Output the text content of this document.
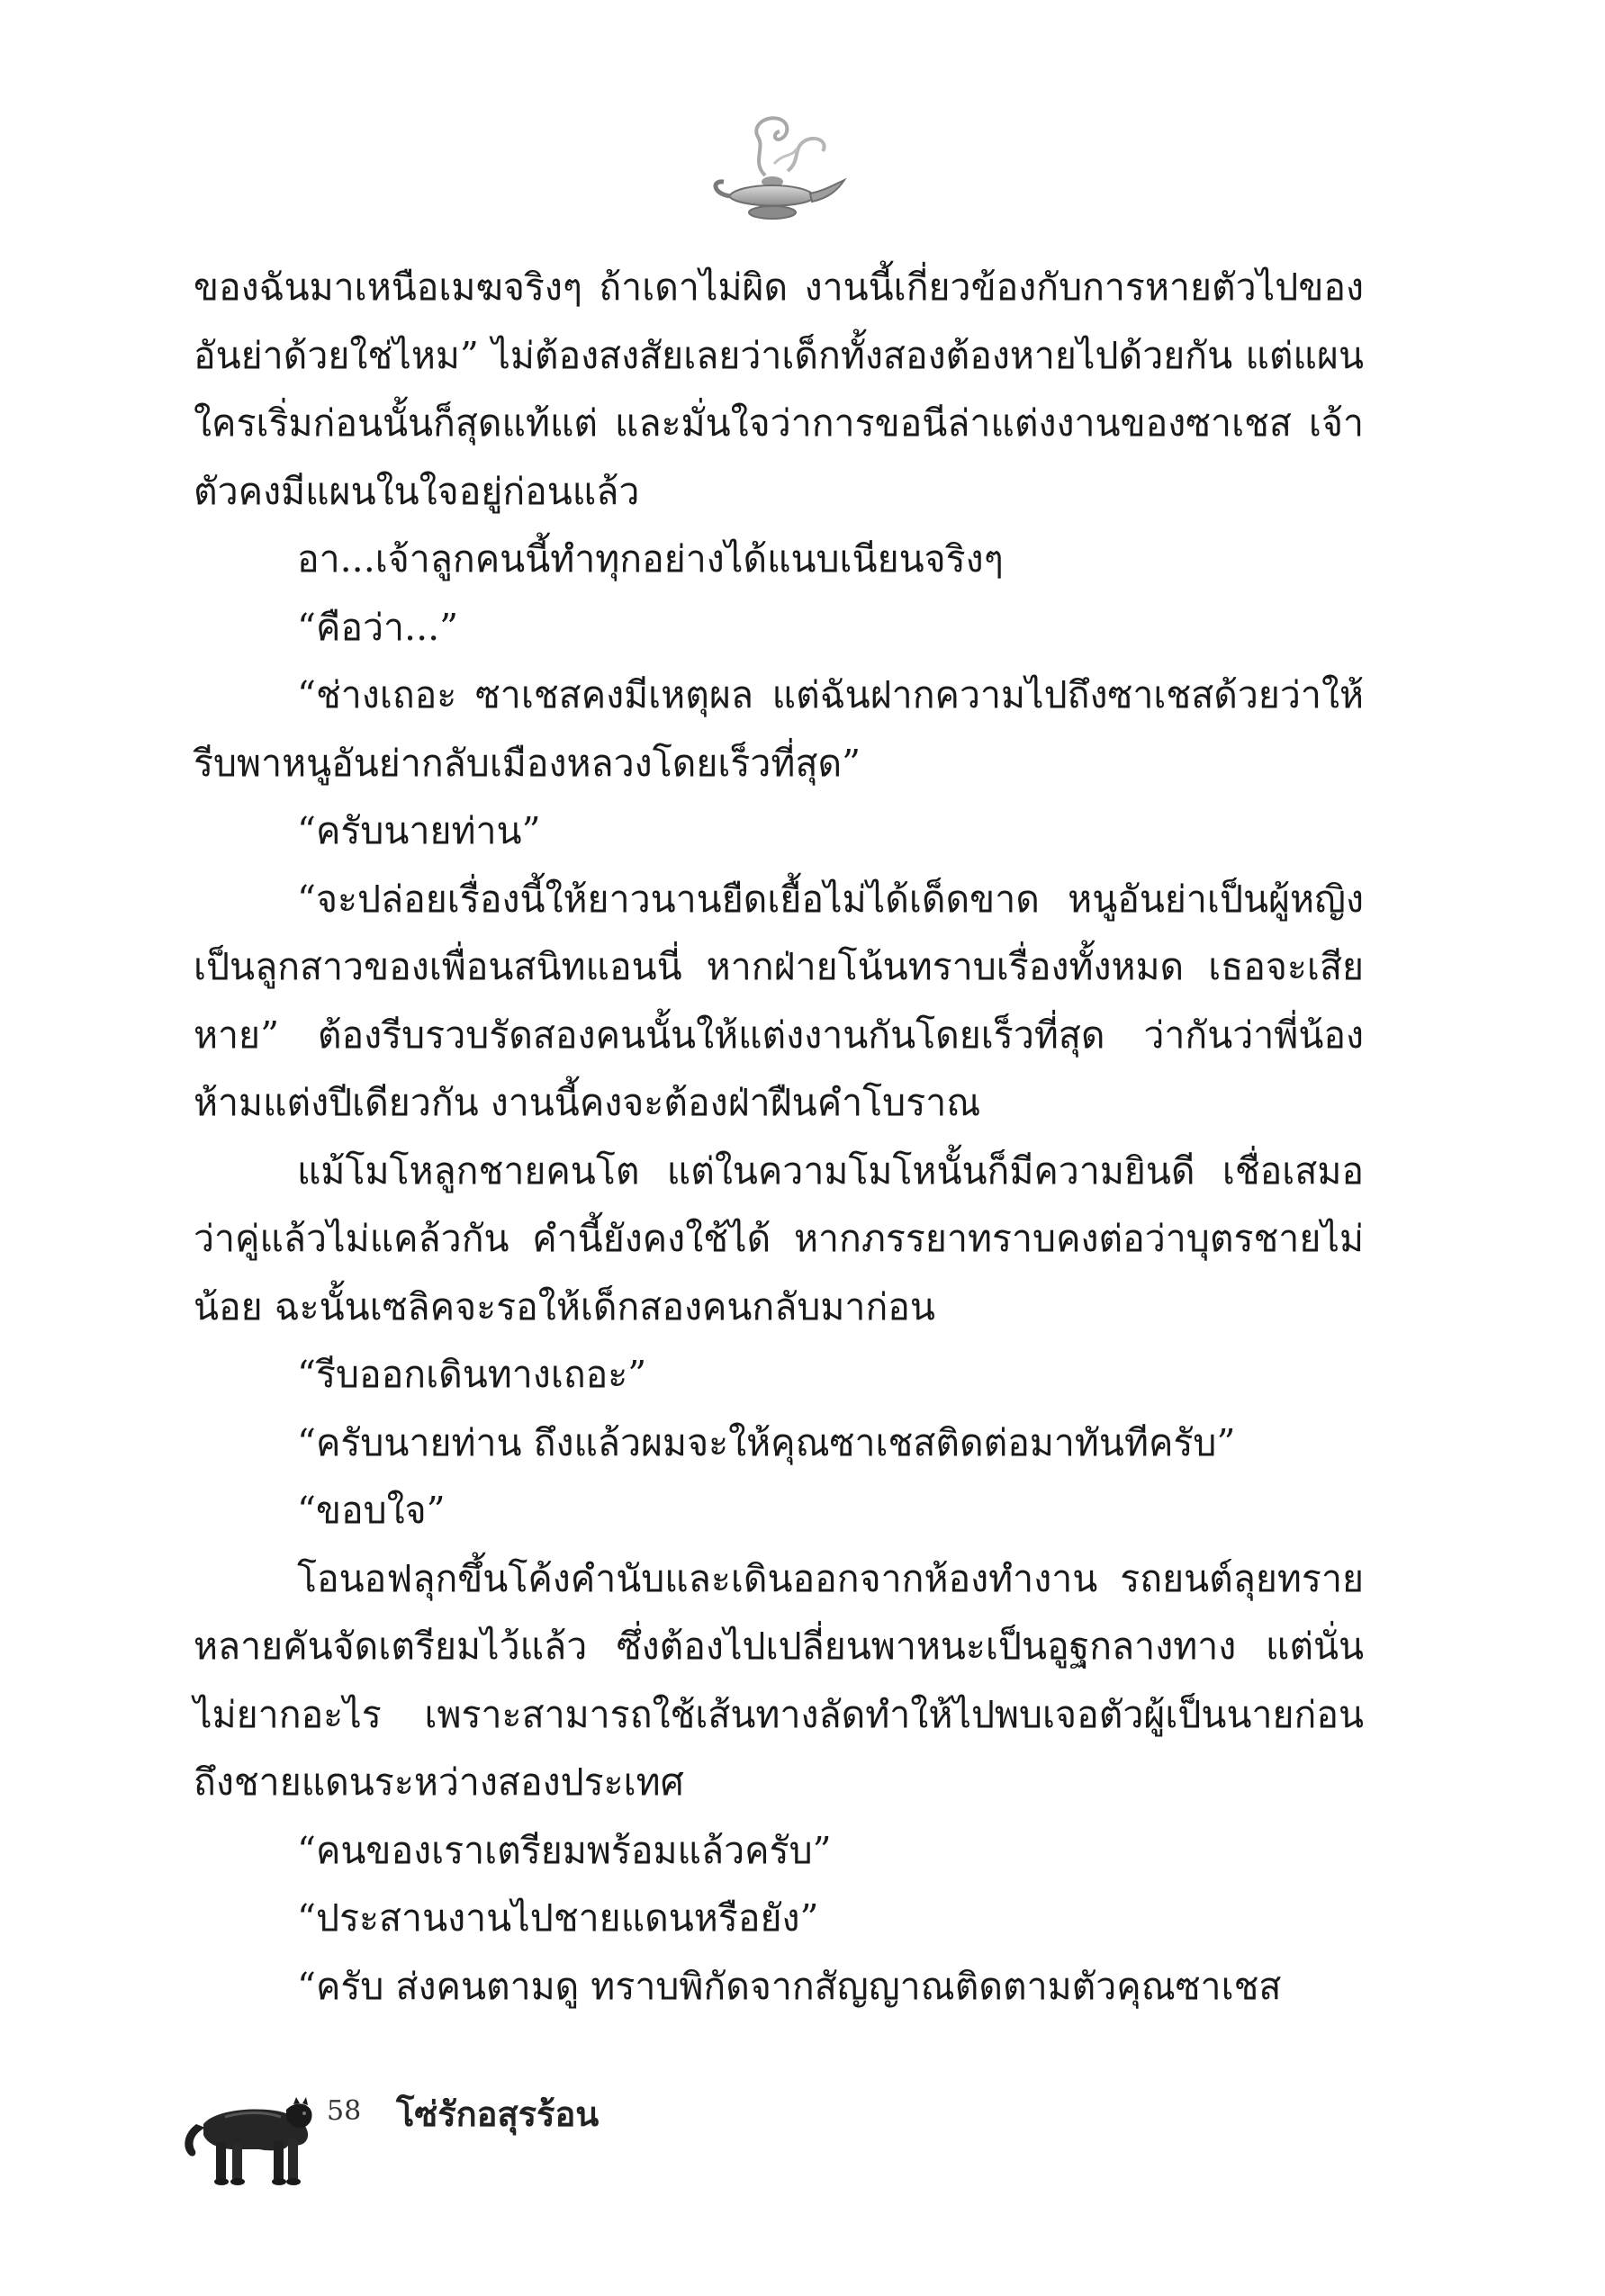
ของฉันมาเหนือเมฆจริงๆ ถ้าเดาไม่ผิด งานนี้เกี่ยวข้องกับการหายตัวไปของอันย่าด้วยใช่ไหม” ไม่ต้องสงสัยเลยว่าเด็กทั้งสองต้องหายไปด้วยกัน แต่แผนใครเริ่มก่อนนั้นก็สุดแท้แต่ และมั่นใจว่าการขอนีล่าแต่งงานของซาเชส เจ้าตัวคงมีแผนในใจอยู่ก่อนแล้ว

อา...เจ้าลูกคนนี้ทำทุกอย่างได้แนบเนียนจริงๆ

“คือว่า...”

“ช่างเถอะ ซาเชสคงมีเหตุผล แต่ฉันฝากความไปถึงซาเชสด้วยว่าให้รีบพาหนูอันย่ากลับเมืองหลวงโดยเร็วที่สุด”

“ครับนายท่าน”

“จะปล่อยเรื่องนี้ให้ยาวนานยืดเยื้อไม่ได้เด็ดขาด หนูอันย่าเป็นผู้หญิงเป็นลูกสาวของเพื่อนสนิทแอนนี่ หากฝ่ายโน้นทราบเรื่องทั้งหมด เธอจะเสียหาย” ต้องรีบรวบรัดสองคนนั้นให้แต่งงานกันโดยเร็วที่สุด ว่ากันว่าพี่น้องห้ามแต่งปีเดียวกัน งานนี้คงจะต้องฝ่าฝืนคำโบราณ

แม้โมโหลูกชายคนโต แต่ในความโมโหนั้นก็มีความยินดี เชื่อเสมอว่าคู่แล้วไม่แคล้วกัน คำนี้ยังคงใช้ได้ หากภรรยาทราบคงต่อว่าบุตรชายไม่น้อย ฉะนั้นเซลิคจะรอให้เด็กสองคนกลับมาก่อน

“รีบออกเดินทางเถอะ”

“ครับนายท่าน ถึงแล้วผมจะให้คุณซาเชสติดต่อมาทันทีครับ”

“ขอบใจ”

โอนอฟลุกขึ้นโค้งคำนับและเดินออกจากห้องทำงาน รถยนต์ลุยทรายหลายคันจัดเตรียมไว้แล้ว ซึ่งต้องไปเปลี่ยนพาหนะเป็นอูฐกลางทาง แต่นั่นไม่ยากอะไร เพราะสามารถใช้เส้นทางลัดทำให้ไปพบเจอตัวผู้เป็นนายก่อนถึงชายแดนระหว่างสองประเทศ

“คนของเราเตรียมพร้อมแล้วครับ”

“ประสานงานไปชายแดนหรือยัง”

“ครับ ส่งคนตามดู ทราบพิกัดจากสัญญาณติดตามตัวคุณซาเชส

58 โซ่รักอสุรร้อน
